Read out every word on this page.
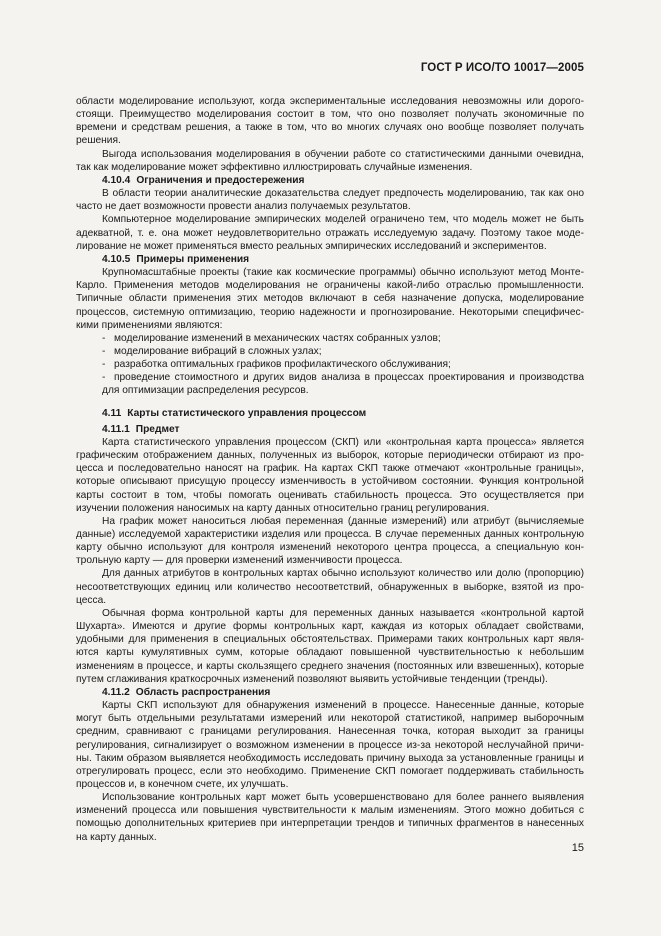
ГОСТ Р ИСО/ТО 10017—2005

области моделирование используют, когда экспериментальные исследования невозможны или дорого-стоящи. Преимущество моделирования состоит в том, что оно позволяет получать экономичные по времени и средствам решения, а также в том, что во многих случаях оно вообще позволяет получать решения.

Выгода использования моделирования в обучении работе со статистическими данными очевидна, так как моделирование может эффективно иллюстрировать случайные изменения.

4.10.4 Ограничения и предостережения

В области теории аналитические доказательства следует предпочесть моделированию, так как оно часто не дает возможности провести анализ получаемых результатов.

Компьютерное моделирование эмпирических моделей ограничено тем, что модель может не быть адекватной, т. е. она может неудовлетворительно отражать исследуемую задачу. Поэтому такое моде-лирование не может применяться вместо реальных эмпирических исследований и экспериментов.

4.10.5 Примеры применения

Крупномасштабные проекты (такие как космические программы) обычно используют метод Монте-Карло. Применения методов моделирования не ограничены какой-либо отраслью промышленности. Типичные области применения этих методов включают в себя назначение допуска, моделирование процессов, системную оптимизацию, теорию надежности и прогнозирование. Некоторыми специфичес-кими применениями являются:

- моделирование изменений в механических частях собранных узлов;

- моделирование вибраций в сложных узлах;

- разработка оптимальных графиков профилактического обслуживания;

- проведение стоимостного и других видов анализа в процессах проектирования и производства для оптимизации распределения ресурсов.

4.11 Карты статистического управления процессом

4.11.1 Предмет

Карта статистического управления процессом (СКП) или «контрольная карта процесса» является графическим отображением данных, полученных из выборок, которые периодически отбирают из про-цесса и последовательно наносят на график. На картах СКП также отмечают «контрольные границы», которые описывают присущую процессу изменчивость в устойчивом состоянии. Функция контрольной карты состоит в том, чтобы помогать оценивать стабильность процесса. Это осуществляется при изучении положения наносимых на карту данных относительно границ регулирования.

На график может наноситься любая переменная (данные измерений) или атрибут (вычисляемые данные) исследуемой характеристики изделия или процесса. В случае переменных данных контрольную карту обычно используют для контроля изменений некоторого центра процесса, а специальную кон-трольную карту — для проверки изменений изменчивости процесса.

Для данных атрибутов в контрольных картах обычно используют количество или долю (пропорцию) несоответствующих единиц или количество несоответствий, обнаруженных в выборке, взятой из про-цесса.

Обычная форма контрольной карты для переменных данных называется «контрольной картой Шухарта». Имеются и другие формы контрольных карт, каждая из которых обладает свойствами, удобными для применения в специальных обстоятельствах. Примерами таких контрольных карт явля-ются карты кумулятивных сумм, которые обладают повышенной чувствительностью к небольшим изменениям в процессе, и карты скользящего среднего значения (постоянных или взвешенных), которые путем сглаживания краткосрочных изменений позволяют выявить устойчивые тенденции (тренды).

4.11.2 Область распространения

Карты СКП используют для обнаружения изменений в процессе. Нанесенные данные, которые могут быть отдельными результатами измерений или некоторой статистикой, например выборочным средним, сравнивают с границами регулирования. Нанесенная точка, которая выходит за границы регулирования, сигнализирует о возможном изменении в процессе из-за некоторой неслучайной причи-ны. Таким образом выявляется необходимость исследовать причину выхода за установленные границы и отрегулировать процесс, если это необходимо. Применение СКП помогает поддерживать стабильность процессов и, в конечном счете, их улучшать.

Использование контрольных карт может быть усовершенствовано для более раннего выявления изменений процесса или повышения чувствительности к малым изменениям. Этого можно добиться с помощью дополнительных критериев при интерпретации трендов и типичных фрагментов в нанесенных на карту данных.

15
